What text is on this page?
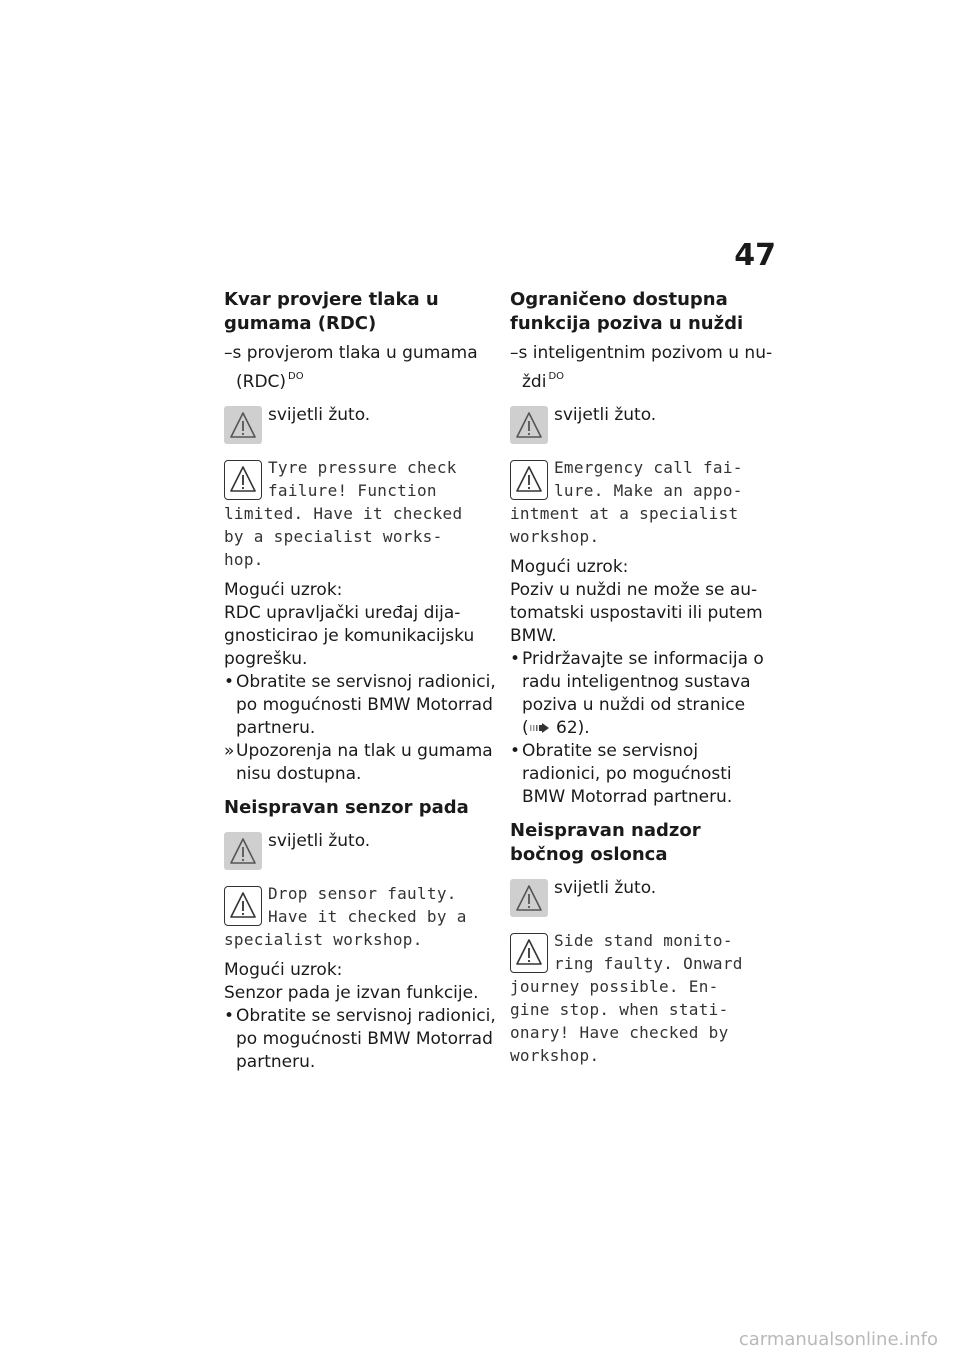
47
Kvar provjere tlaka u gumama (RDC)

–s provjerom tlaka u gumama (RDC) $^{DO}$

svijetli žuto.

Tyre pressure check
failure! Function
limited. Have it checked
by a specialist works-
hop.

Mogući uzrok:

RDC upravljački uređaj dija-gnosticirao je komunikacijsku pogrešku.

• Obratite se servisnoj radionici, po mogućnosti BMW Motorrad partneru.

»Upozorenja na tlak u gumama nisu dostupna.

Neispravan senzor pada
svijetli žuto.

Drop sensor faulty.
Have it checked by a
specialist workshop.

Mogući uzrok:

Senzor pada je izvan funkcije.

• Obratite se servisnoj radionici, po mogućnosti BMW Motorrad partneru.

Ograničeno dostupna funkcija poziva u nuždi

–s inteligentnim pozivom u nu-ždi $^{DO}$

svijetli žuto.

Emergency call fai-
lure. Make an appo-
intment at a specialist
workshop.

Mogući uzrok:

Poziv u nuždi ne može se au-tomatski uspostaviti ili putem BMW.

• Pridržavajte se informacija o radu inteligentnog sustava poziva u nuždi od stranice
( 62).

• Obratite se servisnoj radionici, po mogućnosti BMW Motorrad partneru.

Neispravan nadzor bočnog oslonca
svijetli žuto.

Side stand monito-
ring faulty. Onward
journey possible. En-
gine stop. when stati-
onary! Have checked by
workshop.

carmanualsonline.info
